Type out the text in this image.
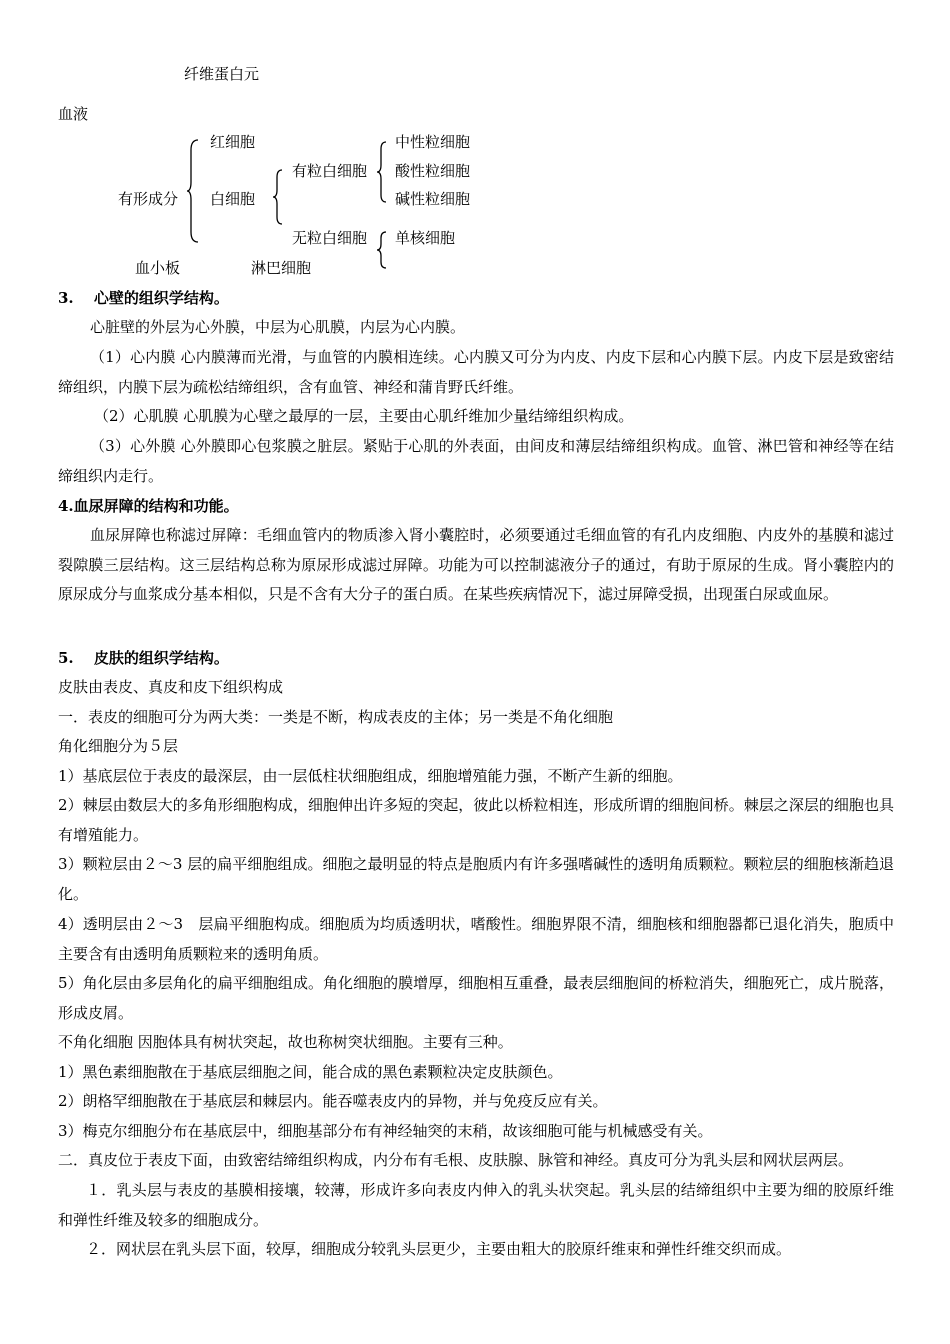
纤维蛋白元
血液
红细胞	中性粒细胞
有粒白细胞 酸性粒细胞
有形成分 白细胞	碱性粒细胞
无粒白细胞 单核细胞
血小板	淋巴细胞
3.　 心壁的组织学结构。
心脏壁的外层为心外膜，中层为心肌膜，内层为心内膜。
（1）心内膜 心内膜薄而光滑，与血管的内膜相连续。心内膜又可分为内皮、内皮下层和心内膜下层。内皮下层是致密结缔组织，内膜下层为疏松结缔组织，含有血管、神经和蒲肯野氏纤维。
（2）心肌膜 心肌膜为心壁之最厚的一层，主要由心肌纤维加少量结缔组织构成。
（3）心外膜 心外膜即心包浆膜之脏层。紧贴于心肌的外表面，由间皮和薄层结缔组织构成。血管、淋巴管和神经等在结缔组织内走行。
4.血尿屏障的结构和功能。
血尿屏障也称滤过屏障：毛细血管内的物质渗入肾小囊腔时，必须要通过毛细血管的有孔内皮细胞、内皮外的基膜和滤过裂隙膜三层结构。这三层结构总称为原尿形成滤过屏障。功能为可以控制滤液分子的通过，有助于原尿的生成。肾小囊腔内的原尿成分与血浆成分基本相似，只是不含有大分子的蛋白质。在某些疾病情况下，滤过屏障受损，出现蛋白尿或血尿。
5.　 皮肤的组织学结构。
皮肤由表皮、真皮和皮下组织构成
一．表皮的细胞可分为两大类：一类是不断，构成表皮的主体；另一类是不角化细胞
角化细胞分为５层
1）基底层位于表皮的最深层，由一层低柱状细胞组成，细胞增殖能力强，不断产生新的细胞。
2）棘层由数层大的多角形细胞构成，细胞伸出许多短的突起，彼此以桥粒相连，形成所谓的细胞间桥。棘层之深层的细胞也具有增殖能力。
3）颗粒层由２～3 层的扁平细胞组成。细胞之最明显的特点是胞质内有许多强嗜碱性的透明角质颗粒。颗粒层的细胞核渐趋退化。
4）透明层由２～3　层扁平细胞构成。细胞质为均质透明状，嗜酸性。细胞界限不清，细胞核和细胞器都已退化消失，胞质中主要含有由透明角质颗粒来的透明角质。
5）角化层由多层角化的扁平细胞组成。角化细胞的膜增厚，细胞相互重叠，最表层细胞间的桥粒消失，细胞死亡，成片脱落，形成皮屑。
不角化细胞 因胞体具有树状突起，故也称树突状细胞。主要有三种。
1）黑色素细胞散在于基底层细胞之间，能合成的黑色素颗粒决定皮肤颜色。
2）朗格罕细胞散在于基底层和棘层内。能吞噬表皮内的异物，并与免疫反应有关。
3）梅克尔细胞分布在基底层中，细胞基部分布有神经轴突的末稍，故该细胞可能与机械感受有关。
二．真皮位于表皮下面，由致密结缔组织构成，内分布有毛根、皮肤腺、脉管和神经。真皮可分为乳头层和网状层两层。
１．乳头层与表皮的基膜相接壤，较薄，形成许多向表皮内伸入的乳头状突起。乳头层的结缔组织中主要为细的胶原纤维和弹性纤维及较多的细胞成分。
２．网状层在乳头层下面，较厚，细胞成分较乳头层更少，主要由粗大的胶原纤维束和弹性纤维交织而成。
